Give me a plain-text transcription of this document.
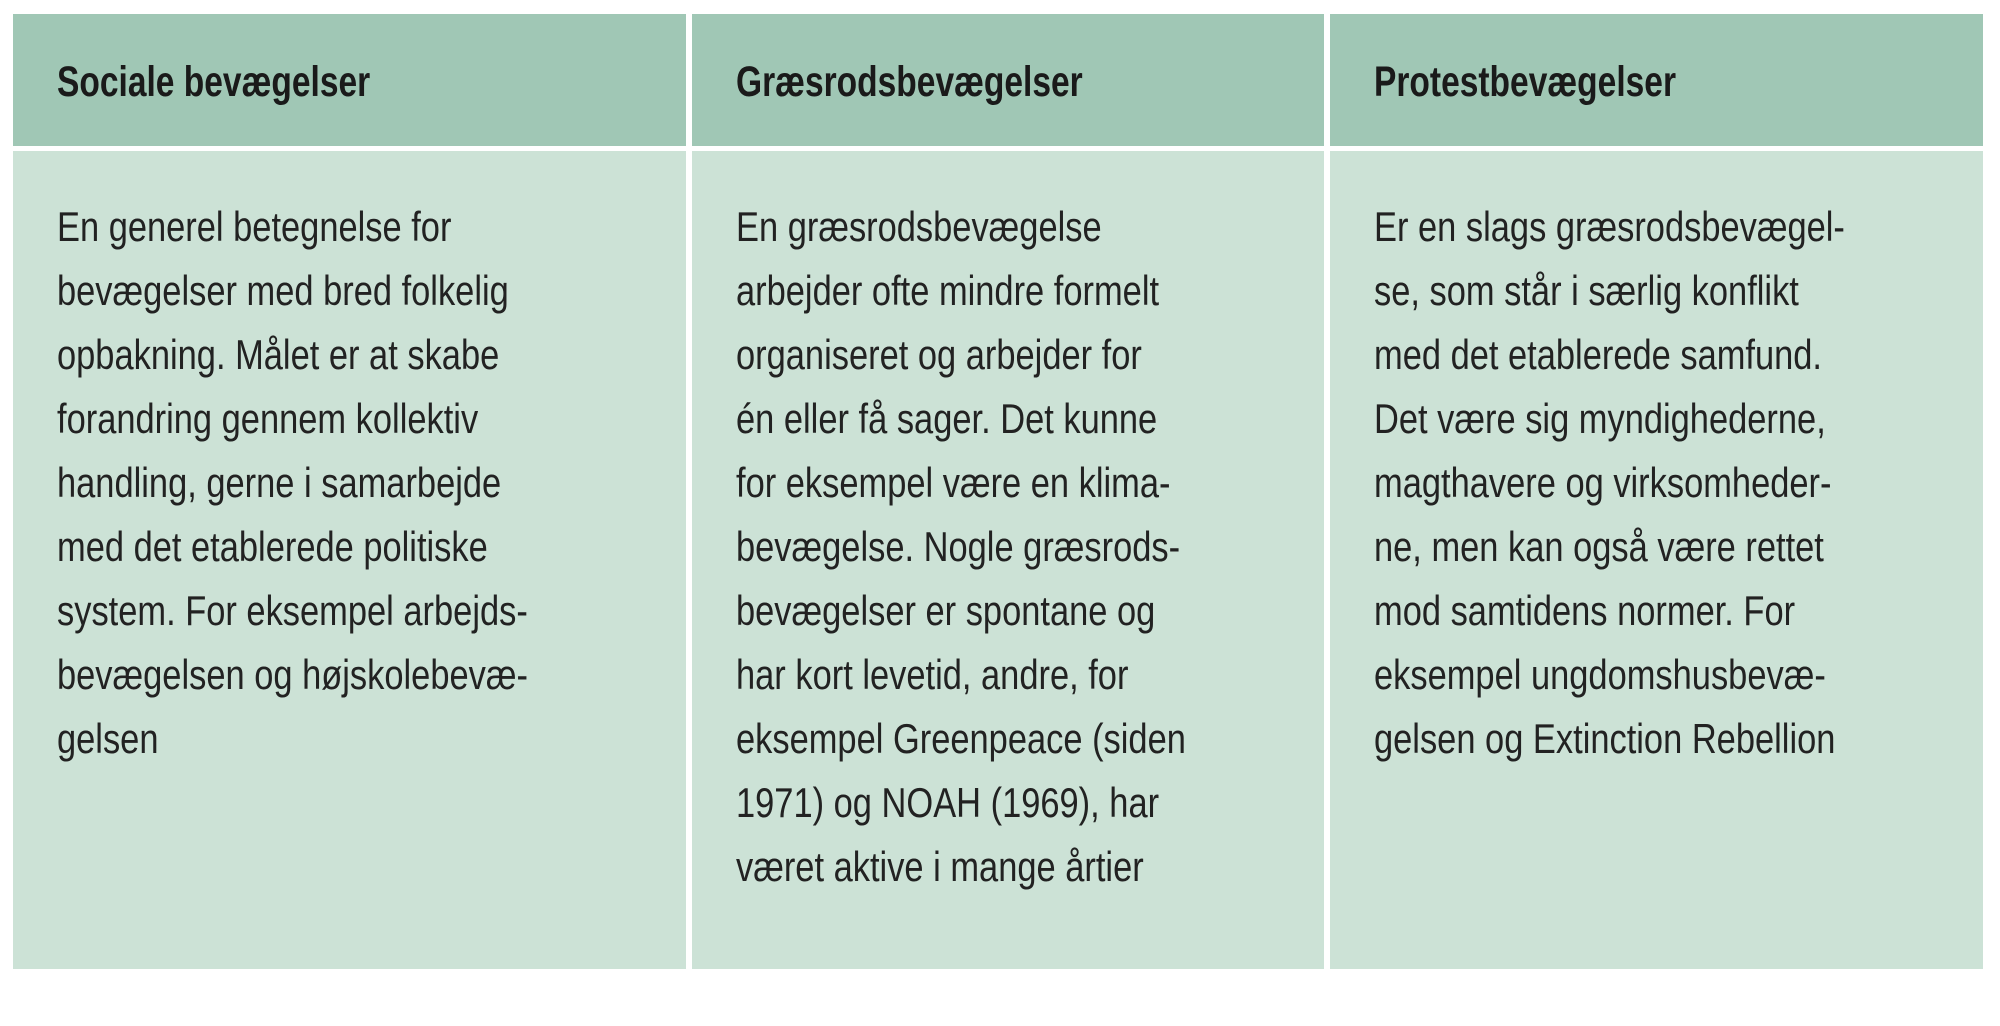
Sociale bevægelser
En generel betegnelse for
bevægelser med bred folkelig
opbakning. Målet er at skabe
forandring gennem kollektiv
handling, gerne i samarbejde
med det etablerede politiske
system. For eksempel arbejds-
bevægelsen og højskolebevæ-
gelsen
Græsrodsbevægelser
En græsrodsbevægelse
arbejder ofte mindre formelt
organiseret og arbejder for
én eller få sager. Det kunne
for eksempel være en klima-
bevægelse. Nogle græsrods-
bevægelser er spontane og
har kort levetid, andre, for
eksempel Greenpeace (siden
1971) og NOAH (1969), har
været aktive i mange årtier
Protestbevægelser
Er en slags græsrodsbevægel-
se, som står i særlig konflikt
med det etablerede samfund.
Det være sig myndighederne,
magthavere og virksomheder-
ne, men kan også være rettet
mod samtidens normer. For
eksempel ungdomshusbevæ-
gelsen og Extinction Rebellion
